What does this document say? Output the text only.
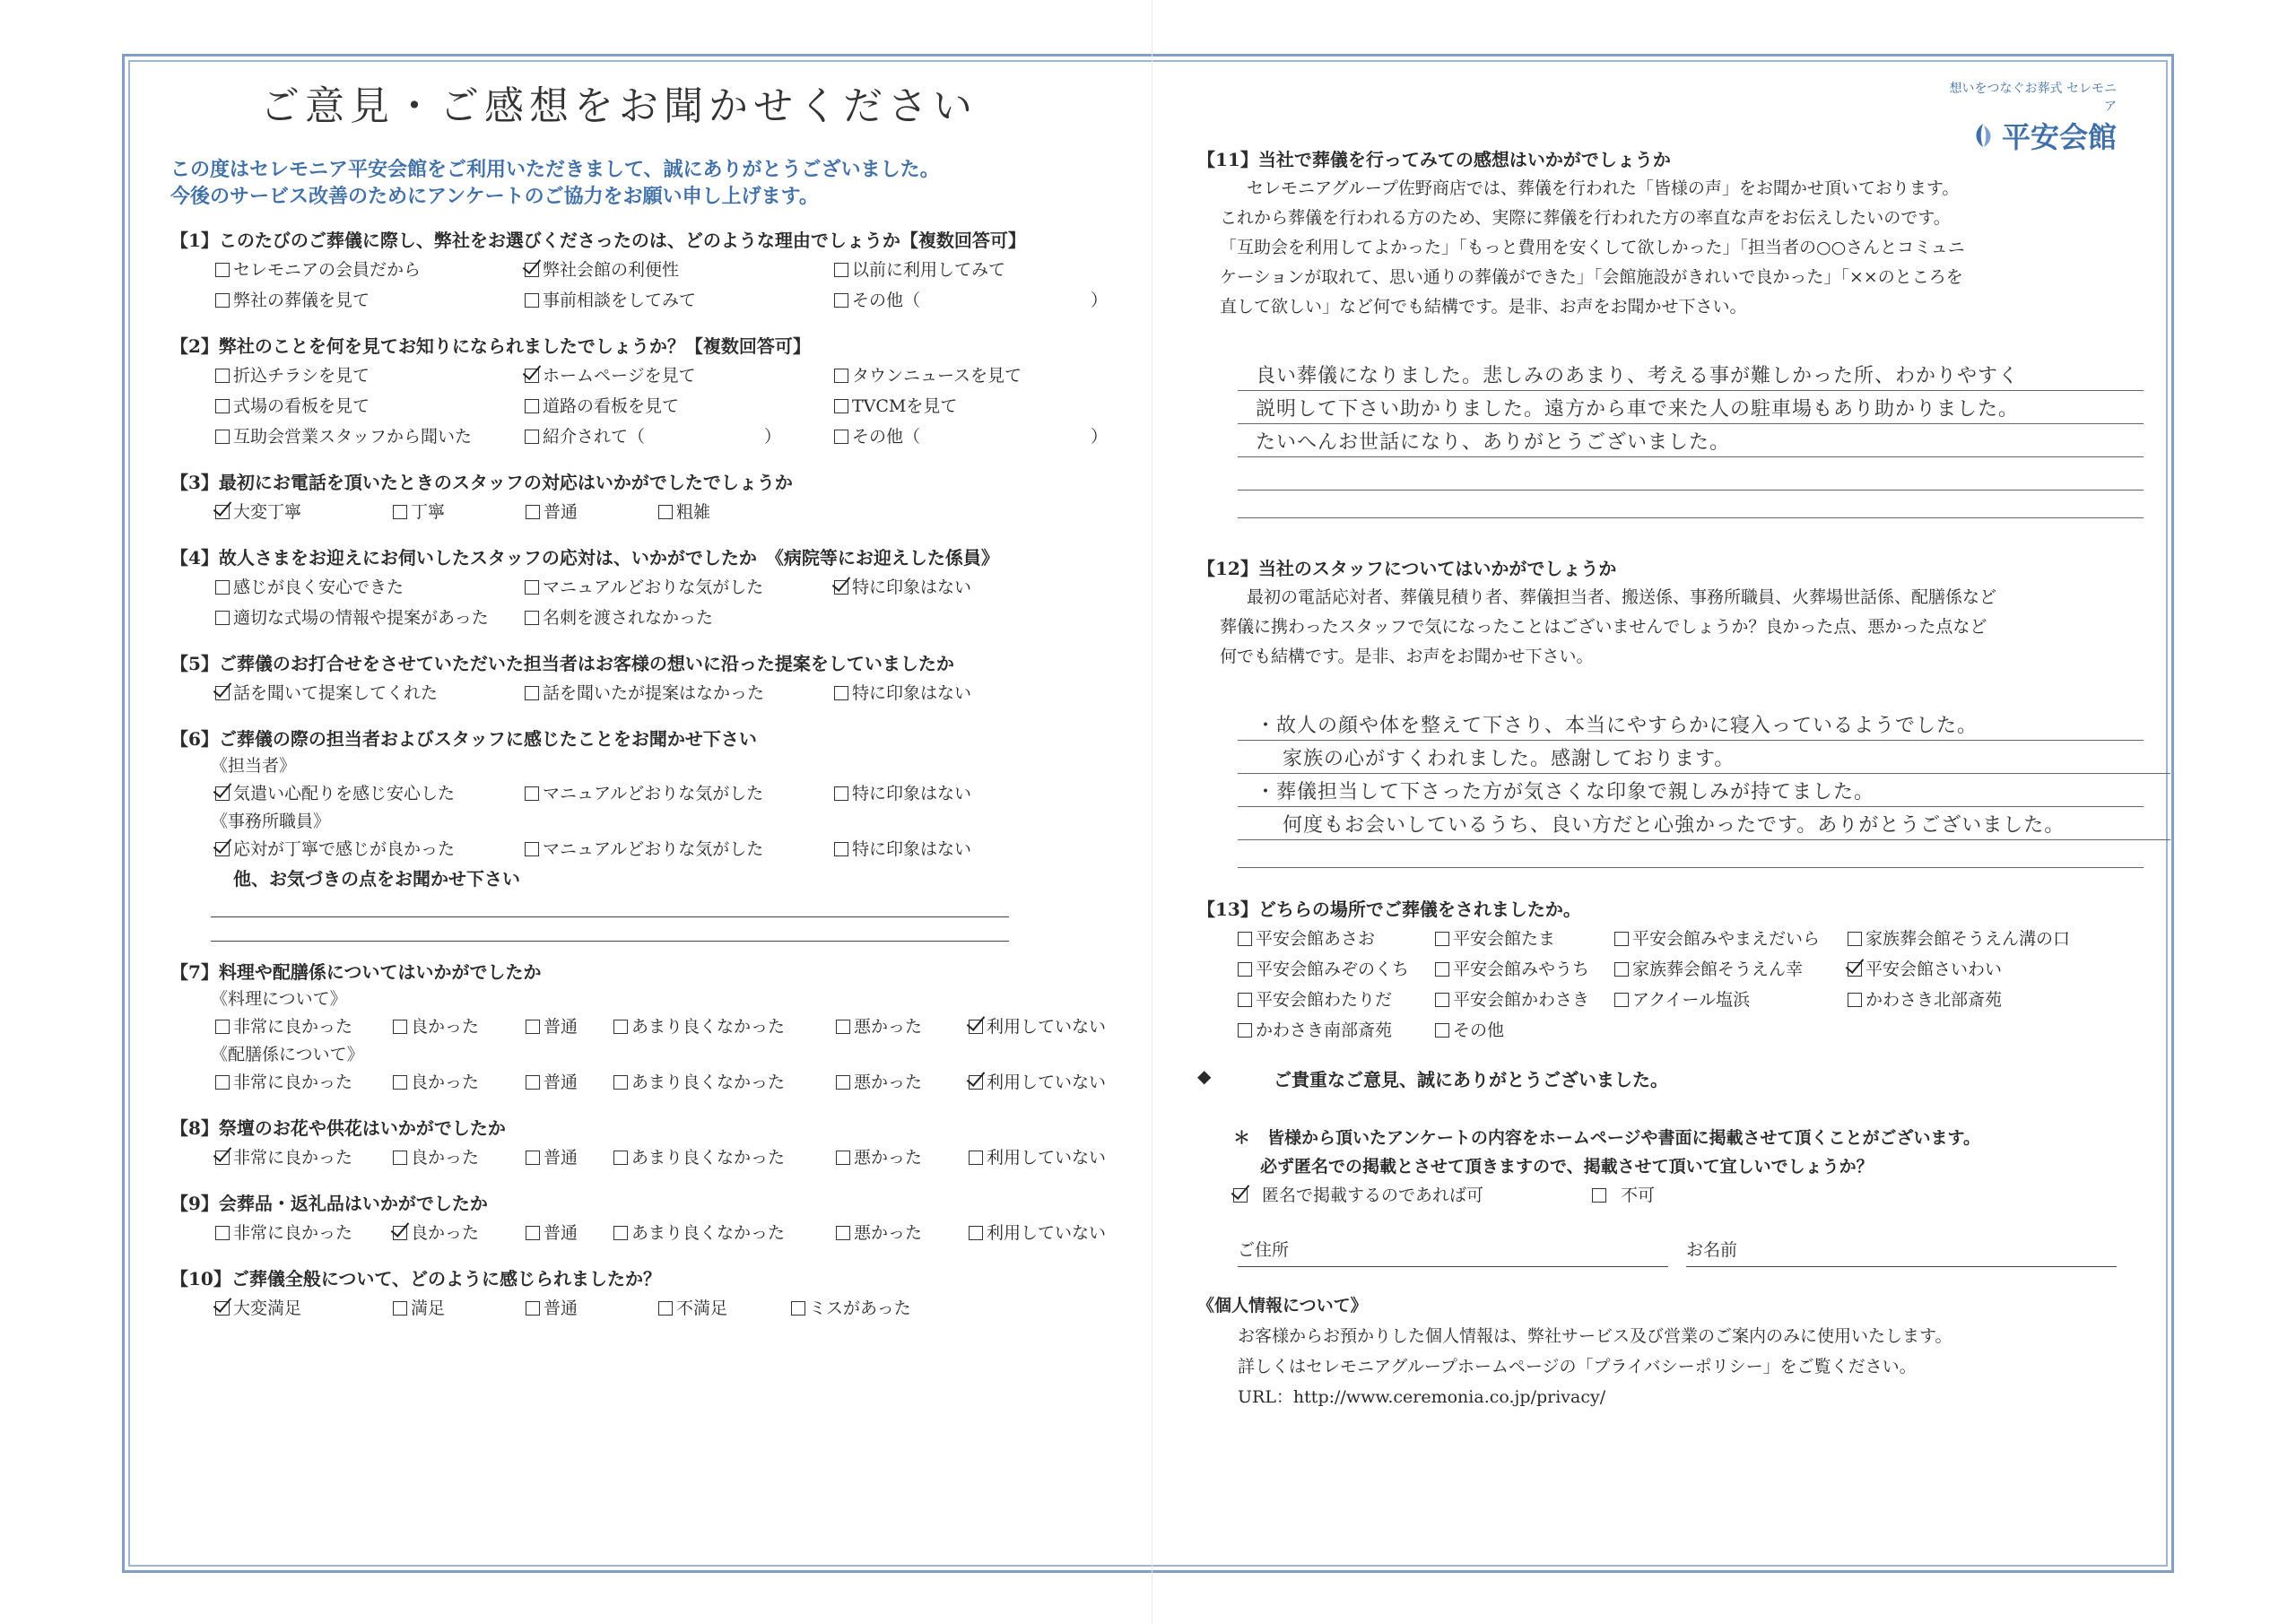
想いをつなぐお葬式 セレモニア
平安会館
ご意見・ご感想をお聞かせください
この度はセレモニア平安会館をご利用いただきまして、誠にありがとうございました。
今後のサービス改善のためにアンケートのご協力をお願い申し上げます。
【1】このたびのご葬儀に際し、弊社をお選びくださったのは、どのような理由でしょうか【複数回答可】
セレモニアの会員だから	弊社会館の利便性	以前に利用してみて
弊社の葬儀を見て	事前相談をしてみて	その他（　　　　　　　　　　）
【2】弊社のことを何を見てお知りになられましたでしょうか？【複数回答可】
折込チラシを見て	ホームページを見て	タウンニュースを見て
式場の看板を見て	道路の看板を見て	TVCMを見て
互助会営業スタッフから聞いた	紹介されて（　　　　　　　）	その他（　　　　　　　　　　）
【3】最初にお電話を頂いたときのスタッフの対応はいかがでしたでしょうか
大変丁寧	丁寧	普通	粗雑
【4】故人さまをお迎えにお伺いしたスタッフの応対は、いかがでしたか　《病院等にお迎えした係員》
感じが良く安心できた	マニュアルどおりな気がした	特に印象はない
適切な式場の情報や提案があった	名刺を渡されなかった
【5】ご葬儀のお打合せをさせていただいた担当者はお客様の想いに沿った提案をしていましたか
話を聞いて提案してくれた	話を聞いたが提案はなかった	特に印象はない
【6】ご葬儀の際の担当者およびスタッフに感じたことをお聞かせ下さい
《担当者》
気遣い心配りを感じ安心した	マニュアルどおりな気がした	特に印象はない
《事務所職員》
応対が丁寧で感じが良かった	マニュアルどおりな気がした	特に印象はない
他、お気づきの点をお聞かせ下さい
【7】料理や配膳係についてはいかがでしたか
《料理について》
非常に良かった	良かった	普通	あまり良くなかった	悪かった	利用していない
《配膳係について》
非常に良かった	良かった	普通	あまり良くなかった	悪かった	利用していない
【8】祭壇のお花や供花はいかがでしたか
非常に良かった	良かった	普通	あまり良くなかった	悪かった	利用していない
【9】会葬品・返礼品はいかがでしたか
非常に良かった	良かった	普通	あまり良くなかった	悪かった	利用していない
【10】ご葬儀全般について、どのように感じられましたか？
大変満足	満足	普通	不満足	ミスがあった
【11】当社で葬儀を行ってみての感想はいかがでしょうか
セレモニアグループ佐野商店では、葬儀を行われた「皆様の声」をお聞かせ頂いております。
これから葬儀を行われる方のため、実際に葬儀を行われた方の率直な声をお伝えしたいのです。
「互助会を利用してよかった」「もっと費用を安くして欲しかった」「担当者の○○さんとコミュニ
ケーションが取れて、思い通りの葬儀ができた」「会館施設がきれいで良かった」「××のところを
直して欲しい」など何でも結構です。是非、お声をお聞かせ下さい。
良い葬儀になりました。悲しみのあまり、考える事が難しかった所、わかりやすく
説明して下さい助かりました。遠方から車で来た人の駐車場もあり助かりました。
たいへんお世話になり、ありがとうございました。
【12】当社のスタッフについてはいかがでしょうか
最初の電話応対者、葬儀見積り者、葬儀担当者、搬送係、事務所職員、火葬場世話係、配膳係など
葬儀に携わったスタッフで気になったことはございませんでしょうか？良かった点、悪かった点など
何でも結構です。是非、お声をお聞かせ下さい。
・故人の顔や体を整えて下さり、本当にやすらかに寝入っているようでした。
家族の心がすくわれました。感謝しております。
・葬儀担当して下さった方が気さくな印象で親しみが持てました。
何度もお会いしているうち、良い方だと心強かったです。ありがとうございました。
【13】どちらの場所でご葬儀をされましたか。
平安会館あさお	平安会館たま	平安会館みやまえだいら	家族葬会館そうえん溝の口
平安会館みぞのくち	平安会館みやうち	家族葬会館そうえん幸	平安会館さいわい
平安会館わたりだ	平安会館かわさき	アクイール塩浜	かわさき北部斎苑
かわさき南部斎苑	その他
◆	ご貴重なご意見、誠にありがとうございました。
＊　皆様から頂いたアンケートの内容をホームページや書面に掲載させて頂くことがございます。
必ず匿名での掲載とさせて頂きますので、掲載させて頂いて宜しいでしょうか？
匿名で掲載するのであれば可	不可
ご住所	お名前
《個人情報について》
お客様からお預かりした個人情報は、弊社サービス及び営業のご案内のみに使用いたします。
詳しくはセレモニアグループホームページの「プライバシーポリシー」をご覧ください。
URL：http://www.ceremonia.co.jp/privacy/
